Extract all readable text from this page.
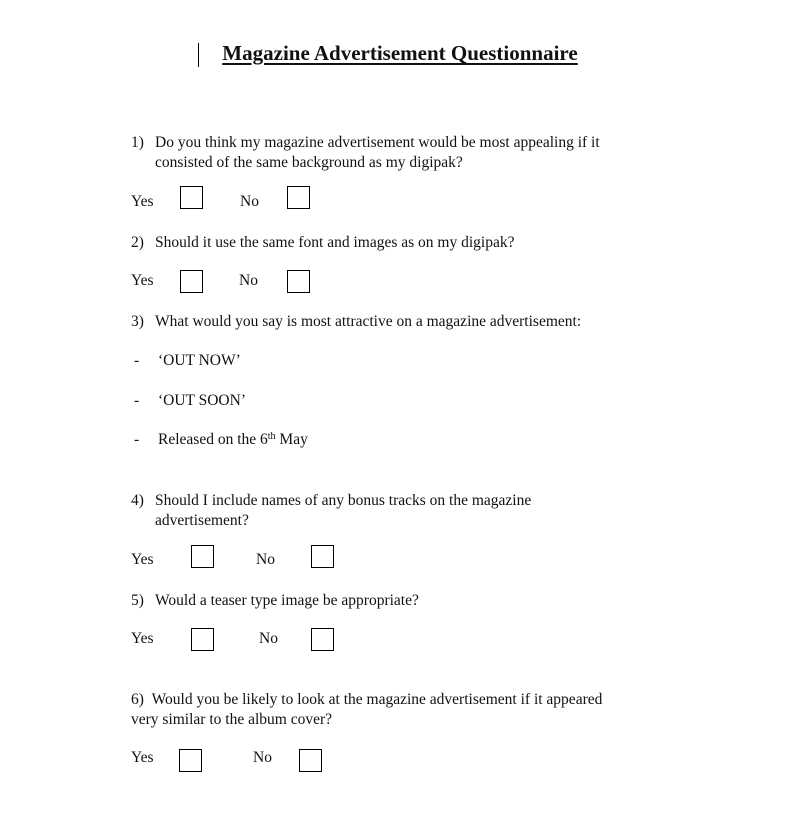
Magazine Advertisement Questionnaire
1) Do you think my magazine advertisement would be most appealing if it
consisted of the same background as my digipak?
Yes	No
2) Should it use the same font and images as on my digipak?
Yes	No
3) What would you say is most attractive on a magazine advertisement:
- ‘OUT NOW’
- ‘OUT SOON’
- Released on the 6th May
4) Should I include names of any bonus tracks on the magazine
advertisement?
Yes	No
5) Would a teaser type image be appropriate?
Yes	No
6) Would you be likely to look at the magazine advertisement if it appeared
very similar to the album cover?
Yes	No
